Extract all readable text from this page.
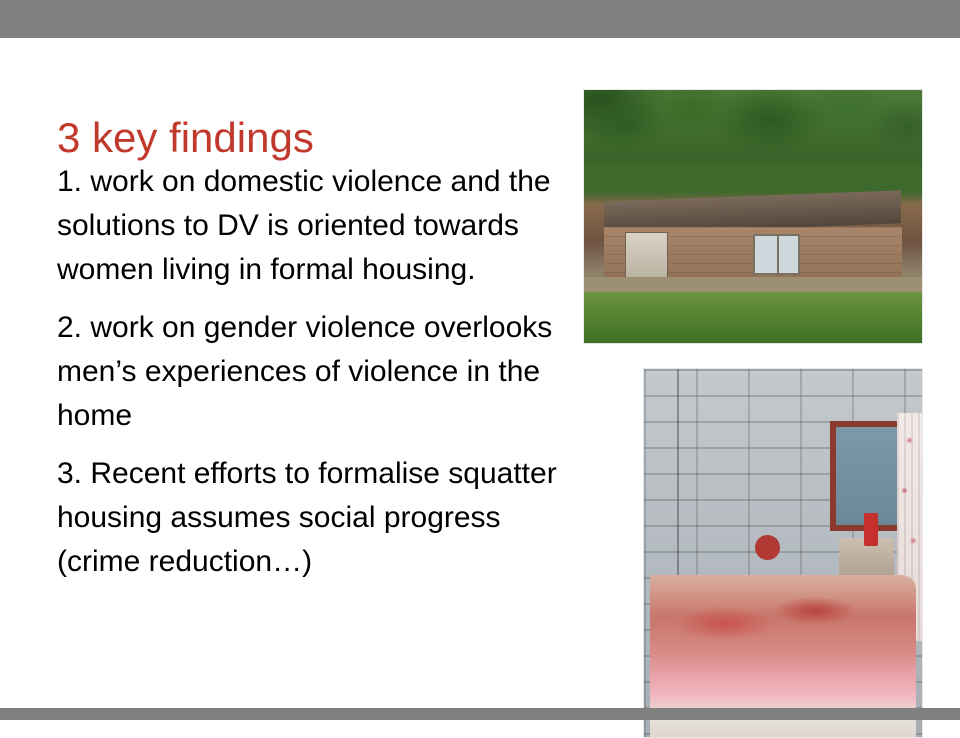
3 key findings

1. work on domestic violence and the solutions to DV is oriented towards women living in formal housing.

2. work on gender violence overlooks men’s experiences of violence in the home

3. Recent efforts to formalise squatter housing assumes social progress (crime reduction…)
